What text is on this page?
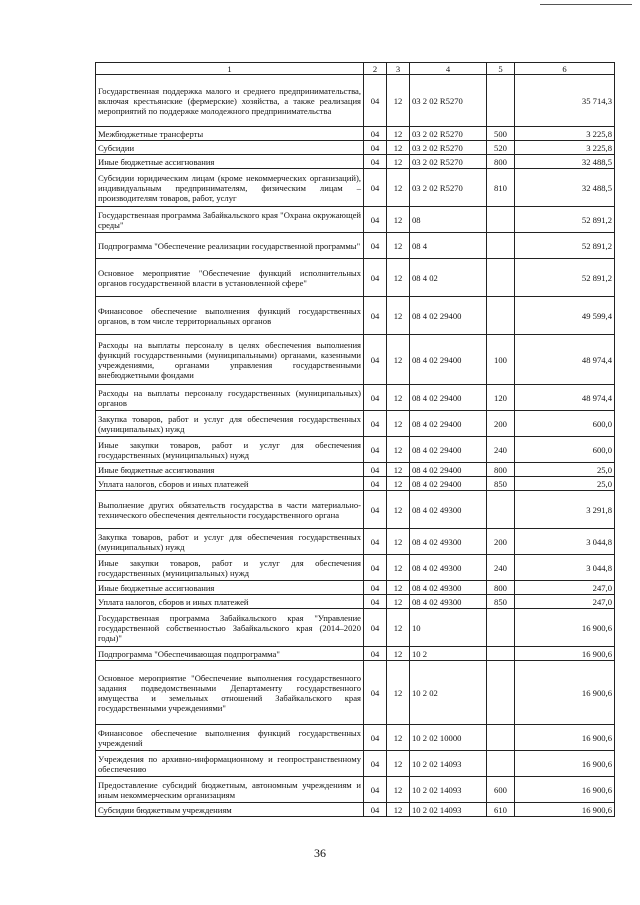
1	2	3	4	5	6
Государственная поддержка малого и среднего предпринимательства, включая крестьянские (фермерские) хозяйства, а также реализация мероприятий по поддержке молодежного предпринимательства	04	12	03 2 02 R5270		35 714,3
Межбюджетные трансферты	04	12	03 2 02 R5270	500	3 225,8
Субсидии	04	12	03 2 02 R5270	520	3 225,8
Иные бюджетные ассигнования	04	12	03 2 02 R5270	800	32 488,5
Субсидии юридическим лицам (кроме некоммерческих организаций), индивидуальным предпринимателям, физическим лицам – производителям товаров, работ, услуг	04	12	03 2 02 R5270	810	32 488,5
Государственная программа Забайкальского края "Охрана окружающей среды"	04	12	08		52 891,2
Подпрограмма "Обеспечение реализации государственной программы"	04	12	08 4		52 891,2
Основное мероприятие "Обеспечение функций исполнительных органов государственной власти в установленной сфере"	04	12	08 4 02		52 891,2
Финансовое обеспечение выполнения функций государственных органов, в том числе территориальных органов	04	12	08 4 02 29400		49 599,4
Расходы на выплаты персоналу в целях обеспечения выполнения функций государственными (муниципальными) органами, казенными учреждениями, органами управления государственными внебюджетными фондами	04	12	08 4 02 29400	100	48 974,4
Расходы на выплаты персоналу государственных (муниципальных) органов	04	12	08 4 02 29400	120	48 974,4
Закупка товаров, работ и услуг для обеспечения государственных (муниципальных) нужд	04	12	08 4 02 29400	200	600,0
Иные закупки товаров, работ и услуг для обеспечения государственных (муниципальных) нужд	04	12	08 4 02 29400	240	600,0
Иные бюджетные ассигнования	04	12	08 4 02 29400	800	25,0
Уплата налогов, сборов и иных платежей	04	12	08 4 02 29400	850	25,0
Выполнение других обязательств государства в части материально-технического обеспечения деятельности государственного органа	04	12	08 4 02 49300		3 291,8
Закупка товаров, работ и услуг для обеспечения государственных (муниципальных) нужд	04	12	08 4 02 49300	200	3 044,8
Иные закупки товаров, работ и услуг для обеспечения государственных (муниципальных) нужд	04	12	08 4 02 49300	240	3 044,8
Иные бюджетные ассигнования	04	12	08 4 02 49300	800	247,0
Уплата налогов, сборов и иных платежей	04	12	08 4 02 49300	850	247,0
Государственная программа Забайкальского края "Управление государственной собственностью Забайкальского края (2014–2020 годы)"	04	12	10		16 900,6
Подпрограмма "Обеспечивающая подпрограмма"	04	12	10 2		16 900,6
Основное мероприятие "Обеспечение выполнения государственного задания подведомственными Департаменту государственного имущества и земельных отношений Забайкальского края государственными учреждениями"	04	12	10 2 02		16 900,6
Финансовое обеспечение выполнения функций государственных учреждений	04	12	10 2 02 10000		16 900,6
Учреждения по архивно-информационному и геопространственному обеспечению	04	12	10 2 02 14093		16 900,6
Предоставление субсидий бюджетным, автономным учреждениям и иным некоммерческим организациям	04	12	10 2 02 14093	600	16 900,6
Субсидии бюджетным учреждениям	04	12	10 2 02 14093	610	16 900,6
36
